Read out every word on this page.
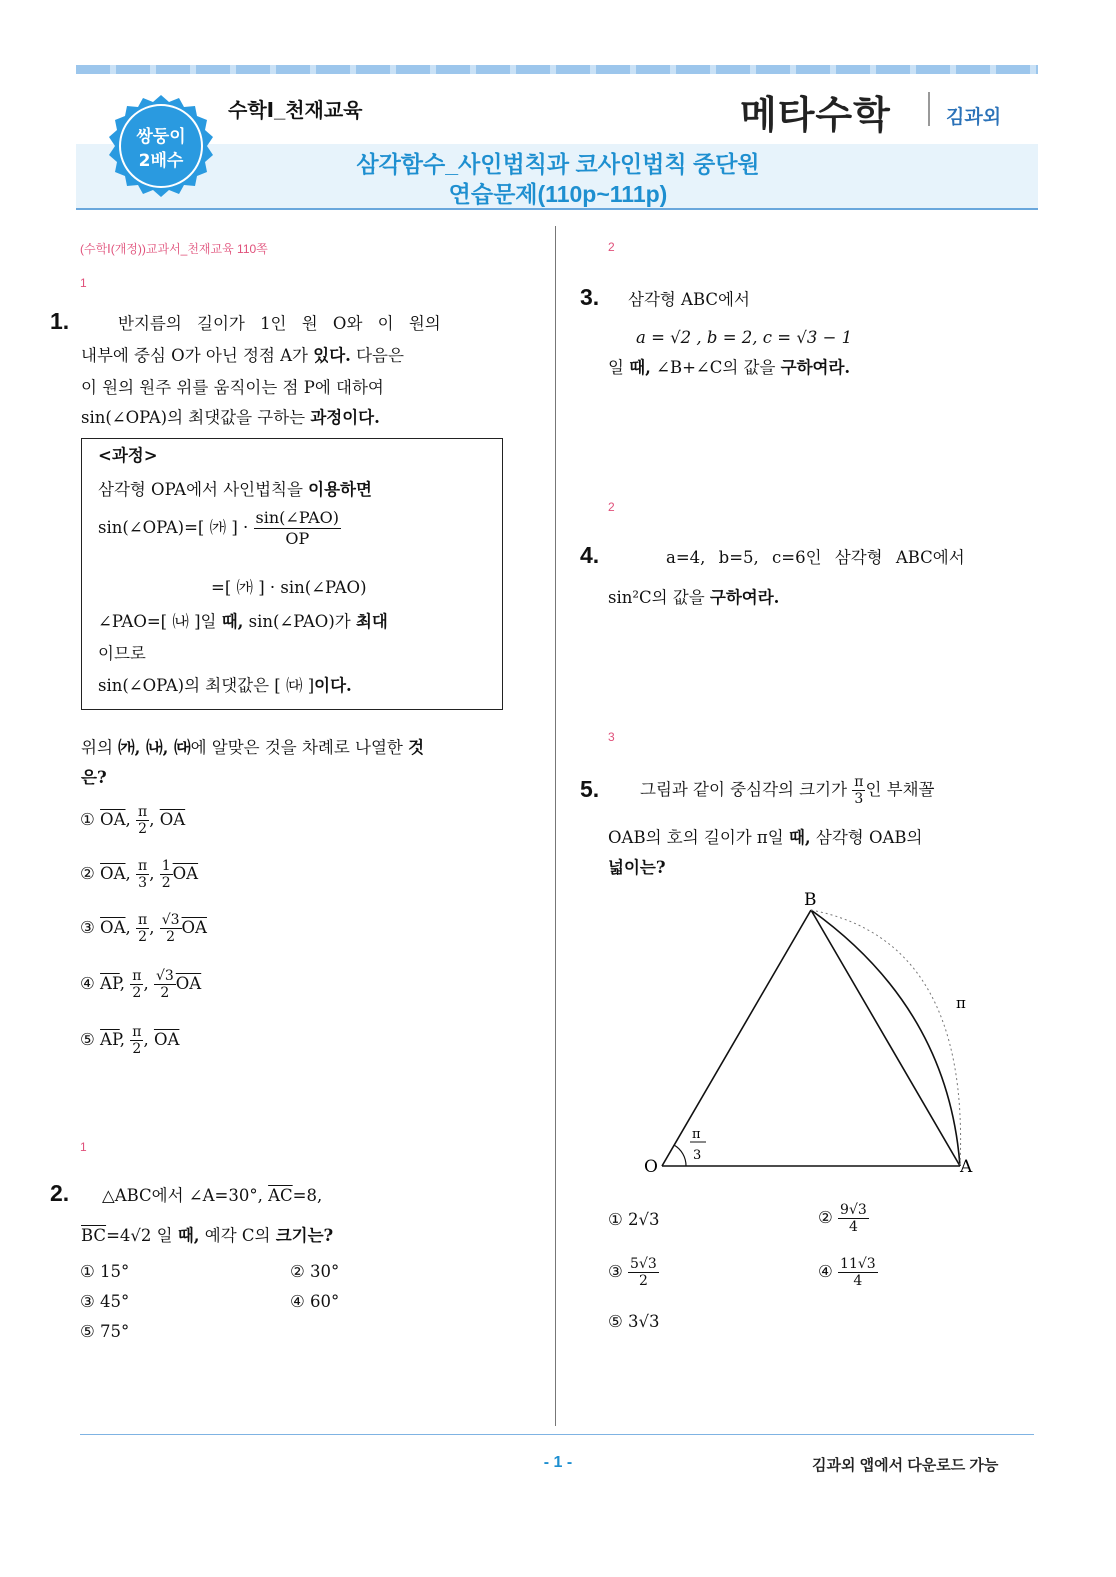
쌍둥이
2배수
수학Ⅰ_천재교육
삼각함수_사인법칙과 코사인법칙 중단원
연습문제(110p~111p)
메타수학	김과외
(수학Ⅰ(개정))교과서_천재교육 110쪽
1
1.	반지름의 길이가 1인 원 O와 이 원의
내부에 중심 O가 아닌 정점 A가 있다. 다음은
이 원의 원주 위를 움직이는 점 P에 대하여
sin(∠OPA)의 최댓값을 구하는 과정이다.
<과정>
삼각형 OPA에서 사인법칙을 이용하면
sin(∠OPA)=[ ㈎ ] · $\frac{\text{sin(∠PAO)}}{OP}$
=[ ㈎ ] · sin(∠PAO)
∠PAO=[ ㈏ ]일 때, sin(∠PAO)가 최대
이므로
sin(∠OPA)의 최댓값은 [ ㈐ ]이다.
위의 ㈎, ㈏, ㈐에 알맞은 것을 차례로 나열한 것
은?
① $\overline{OA}$, $\frac{\pi}{2}$ , $\overline{OA}$
② $\overline{OA}$, $\frac{\pi}{3}$ , $\frac{1}{2} \overline{OA}$
③ $\overline{OA}$, $\frac{\pi}{2}$ , $\frac{√3}{2} \overline{OA}$
④ $\overline{AP}$, $\frac{\pi}{2}$ , $\frac{√3}{2} \overline{OA}$
⑤ $\overline{AP}$, $\frac{\pi}{2}$ , $\overline{OA}$
1
2. △ABC에서 ∠A=30°, $\overline{AC}=8$,
$\overline{BC}=4√2$ 일 때, 예각 C의 크기는?
① 15°	② 30°
③ 45°	④ 60°
⑤ 75°
2
3. 삼각형 ABC에서
a = √2 , b = 2, c = √3 − 1
일 때, ∠B+∠C의 값을 구하여라.
2
4.	a=4, b=5, c=6인 삼각형 ABC에서
sin²C의 값을 구하여라.
3
5. 그림과 같이 중심각의 크기가 $\frac{\pi}{3}$ 인 부채꼴
OAB의 호의 길이가 π일 때, 삼각형 OAB의
넓이는?
B
O	A
π
π
3
① 2√3	② $\frac{9√3}{4}$
③ $\frac{5√3}{2}$	④ $\frac{11√3}{4}$
⑤ 3√3
- 1 -	김과외 앱에서 다운로드 가능
